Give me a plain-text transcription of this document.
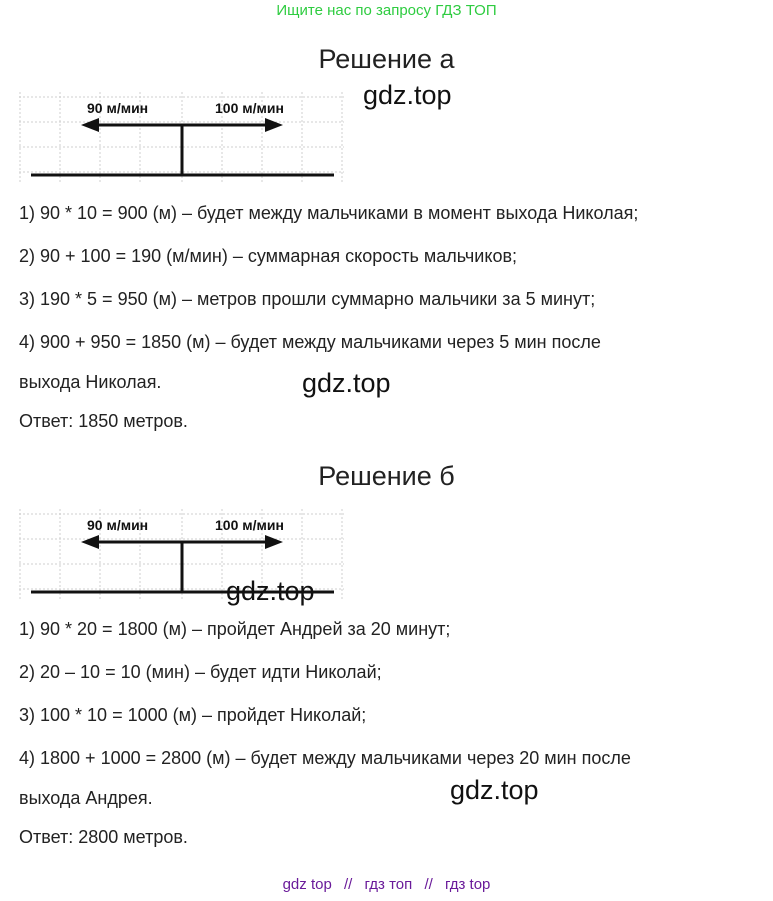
Ищите нас по запросу ГДЗ ТОП
Решение а
gdz.top
90 м/мин	100 м/мин
1) 90 * 10 = 900 (м) – будет между мальчиками в момент выхода Николая;
2) 90 + 100 = 190 (м/мин) – суммарная скорость мальчиков;
3) 190 * 5 = 950 (м) – метров прошли суммарно мальчики за 5 минут;
4) 900 + 950 = 1850 (м) – будет между мальчиками через 5 мин после
выхода Николая.	gdz.top
Ответ: 1850 метров.
Решение б
90 м/мин	100 м/мин
gdz.top
1) 90 * 20 = 1800 (м) – пройдет Андрей за 20 минут;
2) 20 – 10 = 10 (мин) – будет идти Николай;
3) 100 * 10 = 1000 (м) – пройдет Николай;
4) 1800 + 1000 = 2800 (м) – будет между мальчиками через 20 мин после
выхода Андрея.	gdz.top
Ответ: 2800 метров.
gdz top // гдз топ // гдз top
